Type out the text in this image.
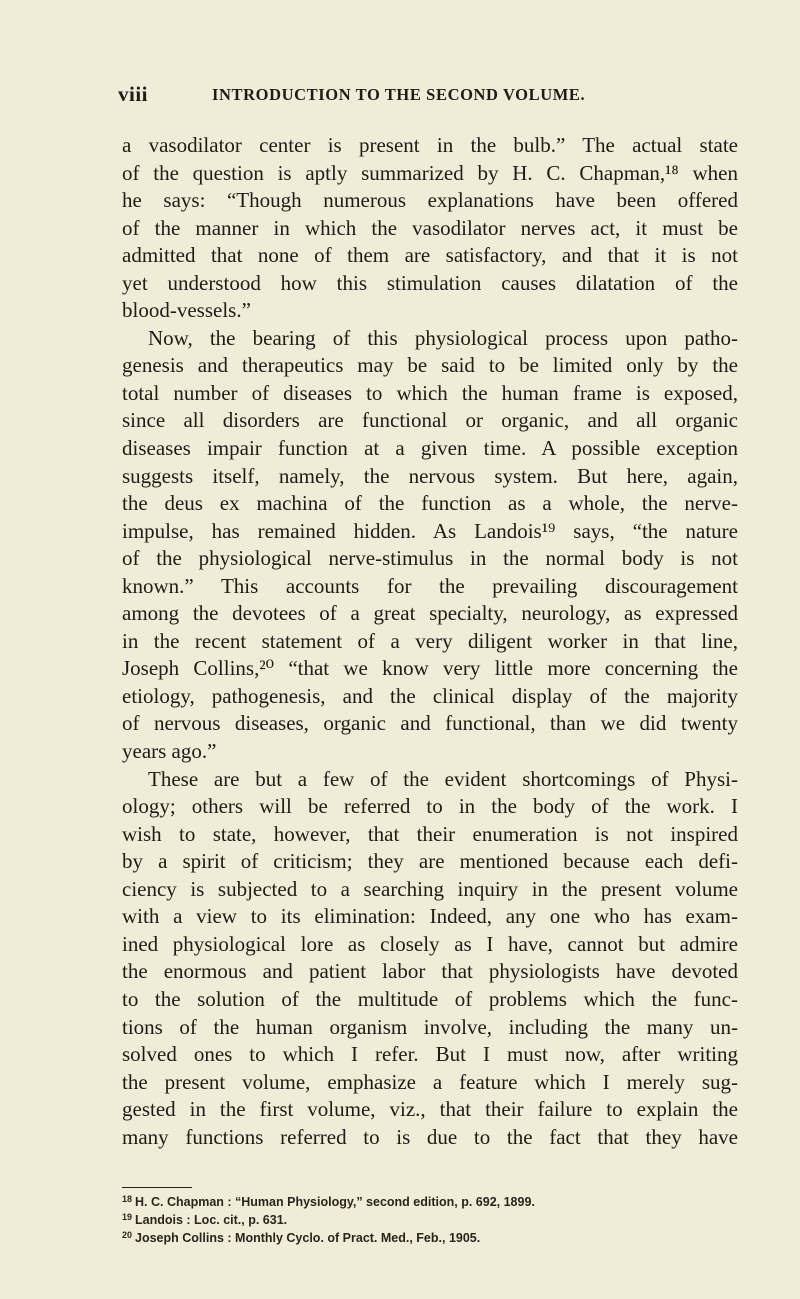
viii	INTRODUCTION TO THE SECOND VOLUME.
a vasodilator center is present in the bulb.” The actual state
of the question is aptly summarized by H. C. Chapman,¹⁸ when
he says: “Though numerous explanations have been offered
of the manner in which the vasodilator nerves act, it must be
admitted that none of them are satisfactory, and that it is not
yet understood how this stimulation causes dilatation of the
blood-vessels.”
Now, the bearing of this physiological process upon patho-
genesis and therapeutics may be said to be limited only by the
total number of diseases to which the human frame is exposed,
since all disorders are functional or organic, and all organic
diseases impair function at a given time. A possible exception
suggests itself, namely, the nervous system. But here, again,
the deus ex machina of the function as a whole, the nerve-
impulse, has remained hidden. As Landois¹⁹ says, “the nature
of the physiological nerve-stimulus in the normal body is not
known.” This accounts for the prevailing discouragement
among the devotees of a great specialty, neurology, as expressed
in the recent statement of a very diligent worker in that line,
Joseph Collins,²⁰ “that we know very little more concerning the
etiology, pathogenesis, and the clinical display of the majority
of nervous diseases, organic and functional, than we did twenty
years ago.”
These are but a few of the evident shortcomings of Physi-
ology; others will be referred to in the body of the work. I
wish to state, however, that their enumeration is not inspired
by a spirit of criticism; they are mentioned because each defi-
ciency is subjected to a searching inquiry in the present volume
with a view to its elimination: Indeed, any one who has exam-
ined physiological lore as closely as I have, cannot but admire
the enormous and patient labor that physiologists have devoted
to the solution of the multitude of problems which the func-
tions of the human organism involve, including the many un-
solved ones to which I refer. But I must now, after writing
the present volume, emphasize a feature which I merely sug-
gested in the first volume, viz., that their failure to explain the
many functions referred to is due to the fact that they have
$^{18}$ H. C. Chapman : “Human Physiology,” second edition, p. 692, 1899.
$^{19}$ Landois : Loc. cit., p. 631.
$^{20}$ Joseph Collins : Monthly Cyclo. of Pract. Med., Feb., 1905.
